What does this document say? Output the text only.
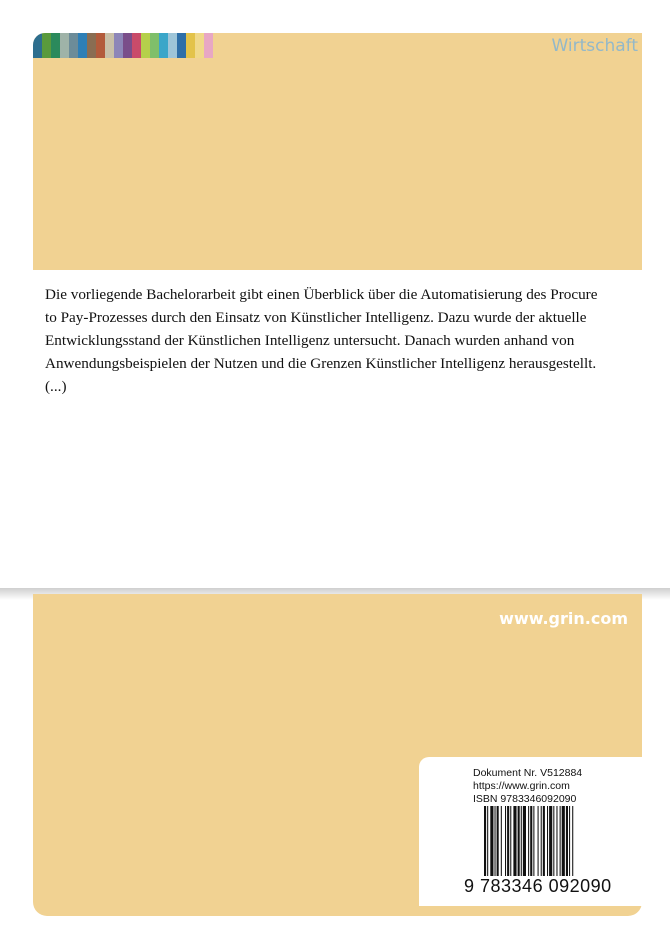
Wirtschaft
Die vorliegende Bachelorarbeit gibt einen Überblick über die Automatisierung des Procure
to Pay-Prozesses durch den Einsatz von Künstlicher Intelligenz. Dazu wurde der aktuelle
Entwicklungsstand der Künstlichen Intelligenz untersucht. Danach wurden anhand von
Anwendungsbeispielen der Nutzen und die Grenzen Künstlicher Intelligenz herausgestellt.
(...)
www.grin.com
Dokument Nr. V512884
https://www.grin.com
ISBN 9783346092090
9 783346 092090
